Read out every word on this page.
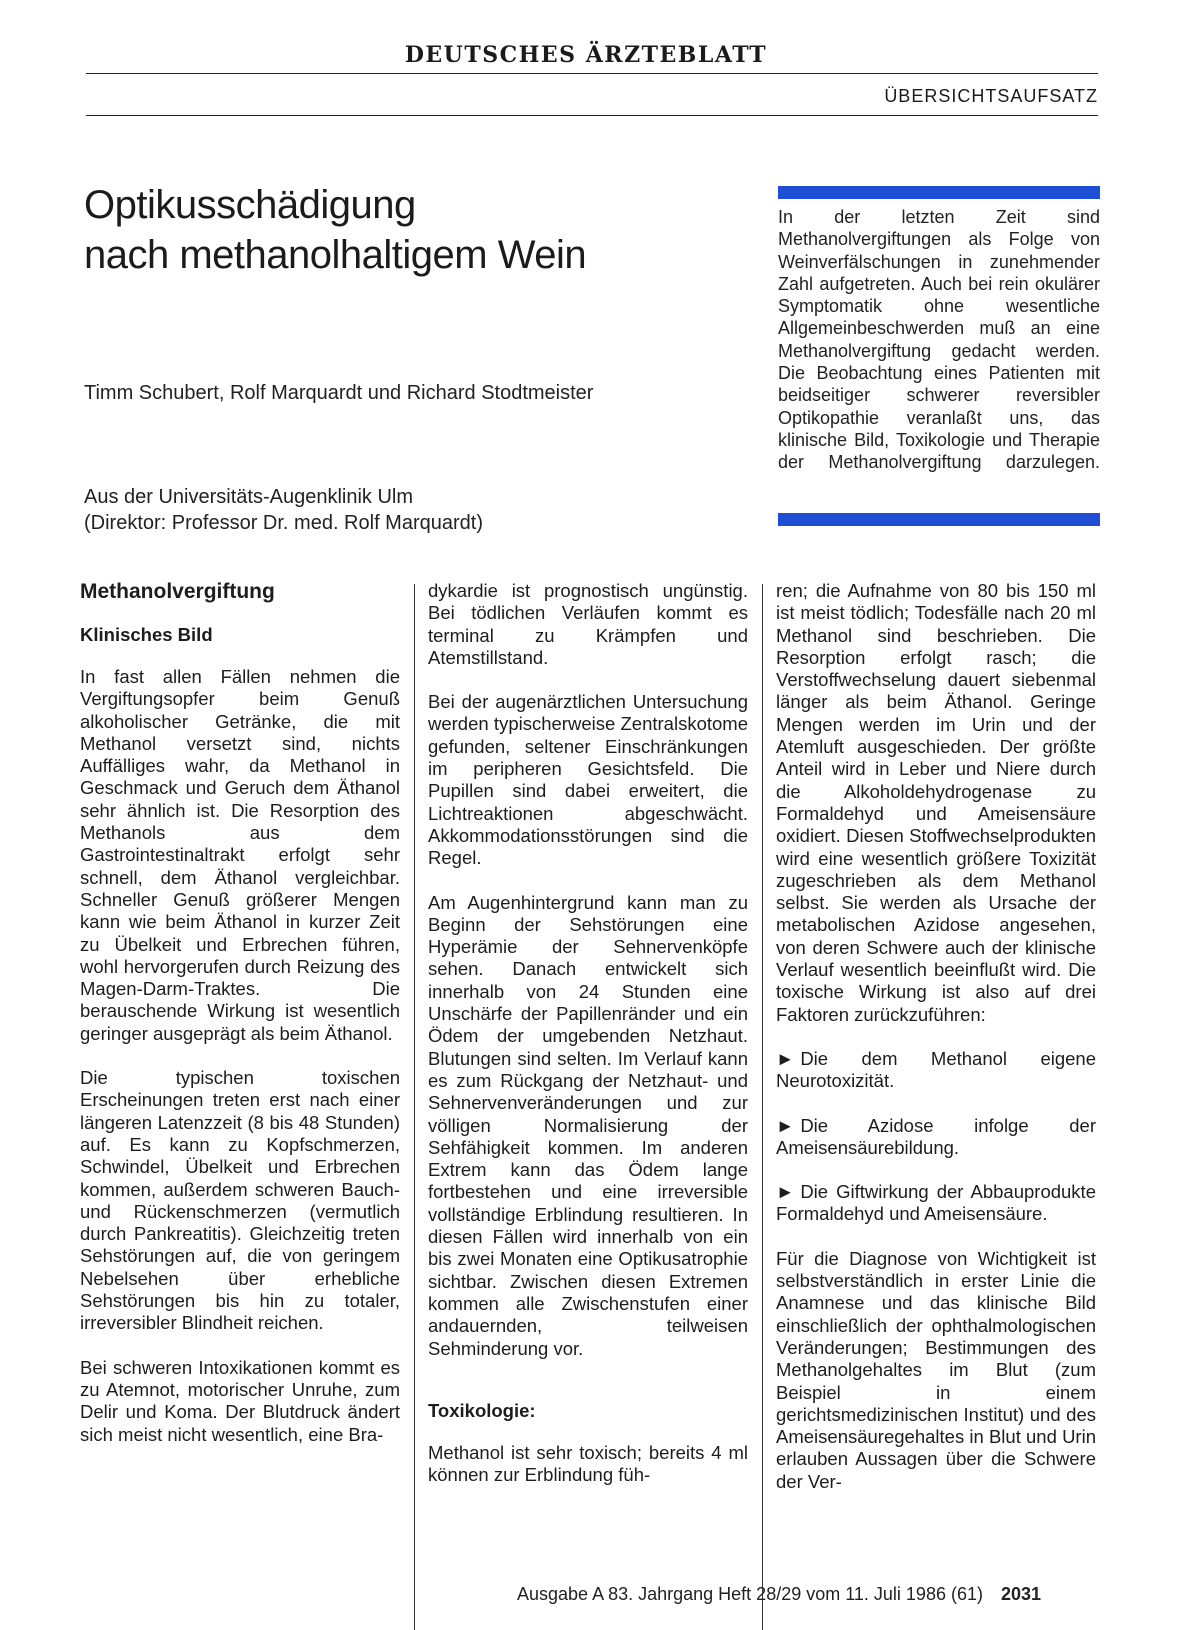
DEUTSCHES ÄRZTEBLATT
ÜBERSICHTSAUFSATZ
Optikusschädigung
nach methanolhaltigem Wein
Timm Schubert, Rolf Marquardt und Richard Stodtmeister
Aus der Universitäts-Augenklinik Ulm
(Direktor: Professor Dr. med. Rolf Marquardt)
In der letzten Zeit sind Methanolvergiftungen als Folge von Weinverfälschungen in zunehmender Zahl aufgetreten. Auch bei rein okulärer Symptomatik ohne wesentliche Allgemeinbeschwerden muß an eine Methanolvergiftung gedacht werden. Die Beobachtung eines Patienten mit beidseitiger schwerer reversibler Optikopathie veranlaßt uns, das klinische Bild, Toxikologie und Therapie der Methanolvergiftung darzulegen.
Methanolvergiftung
Klinisches Bild

In fast allen Fällen nehmen die Vergiftungsopfer beim Genuß alkoholischer Getränke, die mit Methanol versetzt sind, nichts Auffälliges wahr, da Methanol in Geschmack und Geruch dem Äthanol sehr ähnlich ist. Die Resorption des Methanols aus dem Gastrointestinaltrakt erfolgt sehr schnell, dem Äthanol vergleichbar. Schneller Genuß größerer Mengen kann wie beim Äthanol in kurzer Zeit zu Übelkeit und Erbrechen führen, wohl hervorgerufen durch Reizung des Magen-Darm-Traktes. Die berauschende Wirkung ist wesentlich geringer ausgeprägt als beim Äthanol.

Die typischen toxischen Erscheinungen treten erst nach einer längeren Latenzzeit (8 bis 48 Stunden) auf. Es kann zu Kopfschmerzen, Schwindel, Übelkeit und Erbrechen kommen, außerdem schweren Bauch- und Rückenschmerzen (vermutlich durch Pankreatitis). Gleichzeitig treten Sehstörungen auf, die von geringem Nebelsehen über erhebliche Sehstörungen bis hin zu totaler, irreversibler Blindheit reichen.

Bei schweren Intoxikationen kommt es zu Atemnot, motorischer Unruhe, zum Delir und Koma. Der Blutdruck ändert sich meist nicht wesentlich, eine Bra-

dykardie ist prognostisch ungünstig. Bei tödlichen Verläufen kommt es terminal zu Krämpfen und Atemstillstand.

Bei der augenärztlichen Untersuchung werden typischerweise Zentralskotome gefunden, seltener Einschränkungen im peripheren Gesichtsfeld. Die Pupillen sind dabei erweitert, die Lichtreaktionen abgeschwächt. Akkommodationsstörungen sind die Regel.

Am Augenhintergrund kann man zu Beginn der Sehstörungen eine Hyperämie der Sehnervenköpfe sehen. Danach entwickelt sich innerhalb von 24 Stunden eine Unschärfe der Papillenränder und ein Ödem der umgebenden Netzhaut. Blutungen sind selten. Im Verlauf kann es zum Rückgang der Netzhaut- und Sehnervenveränderungen und zur völligen Normalisierung der Sehfähigkeit kommen. Im anderen Extrem kann das Ödem lange fortbestehen und eine irreversible vollständige Erblindung resultieren. In diesen Fällen wird innerhalb von ein bis zwei Monaten eine Optikusatrophie sichtbar. Zwischen diesen Extremen kommen alle Zwischenstufen einer andauernden, teilweisen Sehminderung vor.

Toxikologie:

Methanol ist sehr toxisch; bereits 4 ml können zur Erblindung füh-

ren; die Aufnahme von 80 bis 150 ml ist meist tödlich; Todesfälle nach 20 ml Methanol sind beschrieben. Die Resorption erfolgt rasch; die Verstoffwechselung dauert siebenmal länger als beim Äthanol. Geringe Mengen werden im Urin und der Atemluft ausgeschieden. Der größte Anteil wird in Leber und Niere durch die Alkoholdehydrogenase zu Formaldehyd und Ameisensäure oxidiert. Diesen Stoffwechselprodukten wird eine wesentlich größere Toxizität zugeschrieben als dem Methanol selbst. Sie werden als Ursache der metabolischen Azidose angesehen, von deren Schwere auch der klinische Verlauf wesentlich beeinflußt wird. Die toxische Wirkung ist also auf drei Faktoren zurückzuführen:

► Die dem Methanol eigene Neurotoxizität.

► Die Azidose infolge der Ameisensäurebildung.

► Die Giftwirkung der Abbauprodukte Formaldehyd und Ameisensäure.

Für die Diagnose von Wichtigkeit ist selbstverständlich in erster Linie die Anamnese und das klinische Bild einschließlich der ophthalmologischen Veränderungen; Bestimmungen des Methanolgehaltes im Blut (zum Beispiel in einem gerichtsmedizinischen Institut) und des Ameisensäuregehaltes in Blut und Urin erlauben Aussagen über die Schwere der Ver-

Ausgabe A 83. Jahrgang Heft 28/29 vom 11. Juli 1986 (61) 2031
